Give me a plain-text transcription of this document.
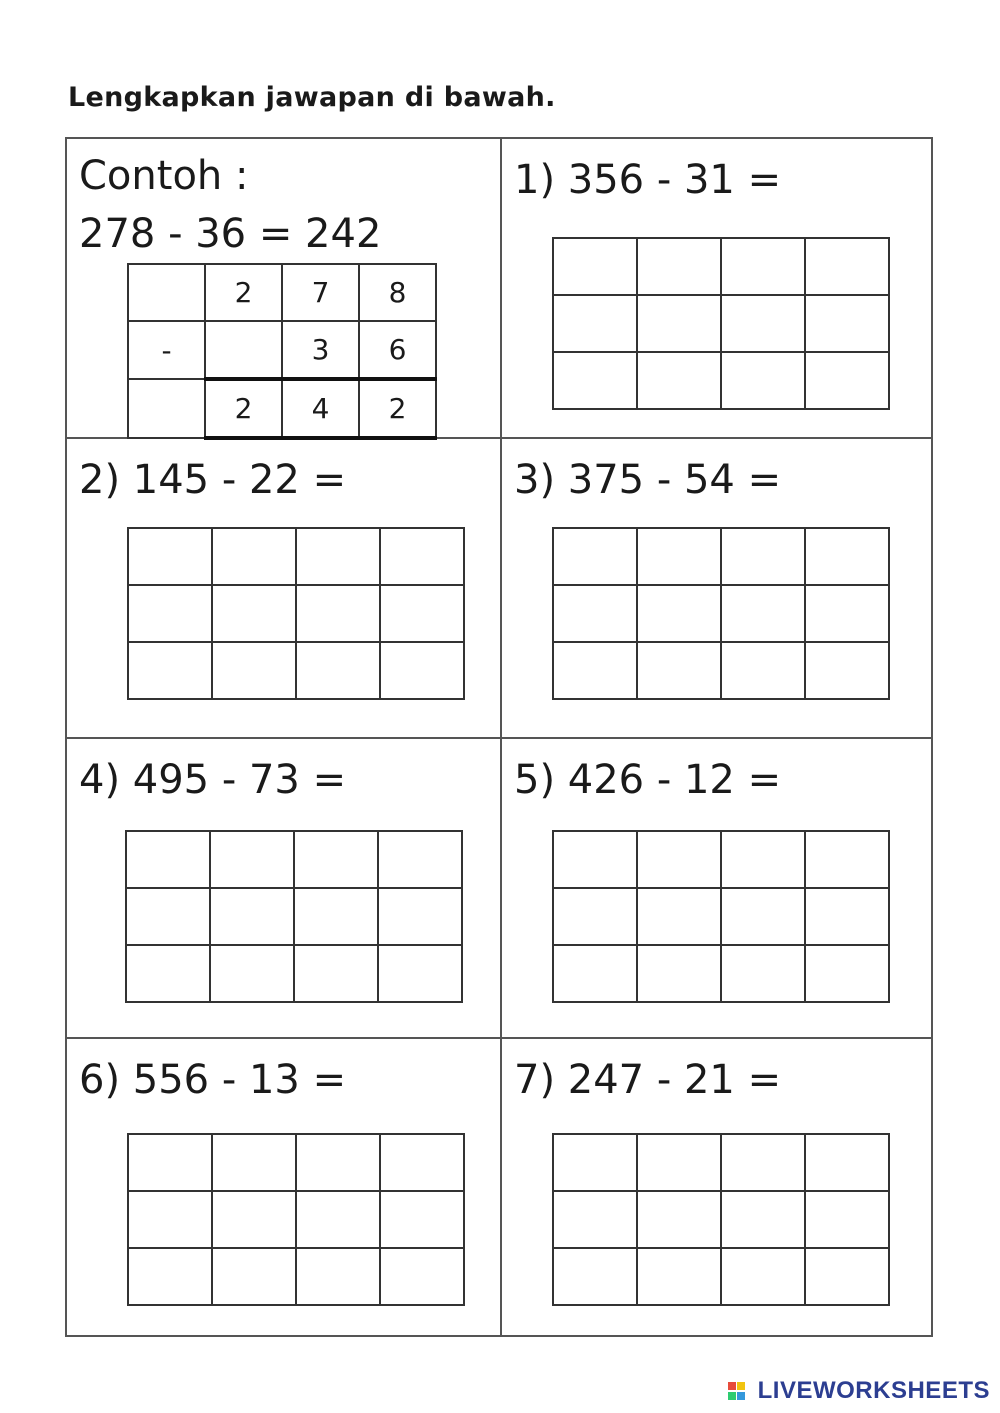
Lengkapkan jawapan di bawah.
Contoh :
278 - 36 = 242
	2	7	8
-		3	6
	2	4	2
1) 356 - 31 =

2) 145 - 22 =

				3) 375 - 54 =

4) 495 - 73 =

				5) 426 - 12 =

6) 556 - 13 =

				7) 247 - 21 =

LIVEWORKSHEETS
